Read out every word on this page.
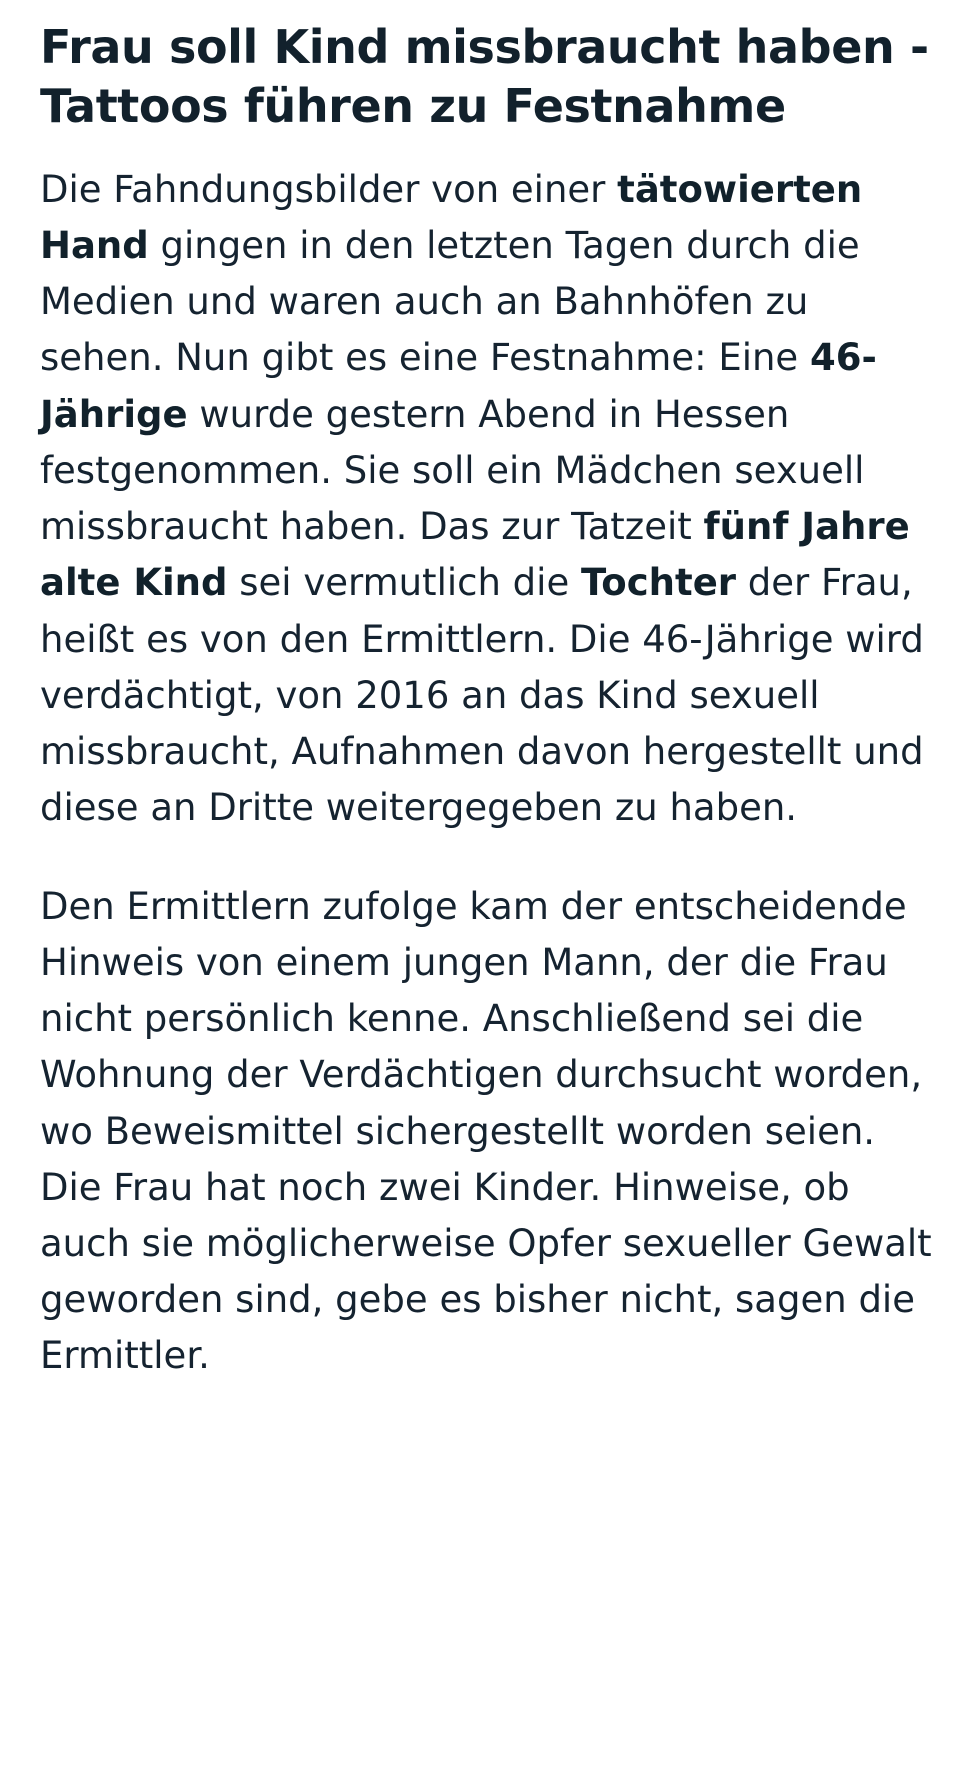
Frau soll Kind missbraucht haben - Tattoos führen zu Festnahme

Die Fahndungsbilder von einer tätowierten Hand gingen in den letzten Tagen durch die Medien und waren auch an Bahnhöfen zu sehen. Nun gibt es eine Festnahme: Eine 46-Jährige wurde gestern Abend in Hessen festgenommen. Sie soll ein Mädchen sexuell missbraucht haben. Das zur Tatzeit fünf Jahre alte Kind sei vermutlich die Tochter der Frau, heißt es von den Ermittlern. Die 46-Jährige wird verdächtigt, von 2016 an das Kind sexuell missbraucht, Aufnahmen davon hergestellt und diese an Dritte weitergegeben zu haben.

Den Ermittlern zufolge kam der entscheidende Hinweis von einem jungen Mann, der die Frau nicht persönlich kenne. Anschließend sei die Wohnung der Verdächtigen durchsucht worden, wo Beweismittel sichergestellt worden seien. Die Frau hat noch zwei Kinder. Hinweise, ob auch sie möglicherweise Opfer sexueller Gewalt geworden sind, gebe es bisher nicht, sagen die Ermittler.
